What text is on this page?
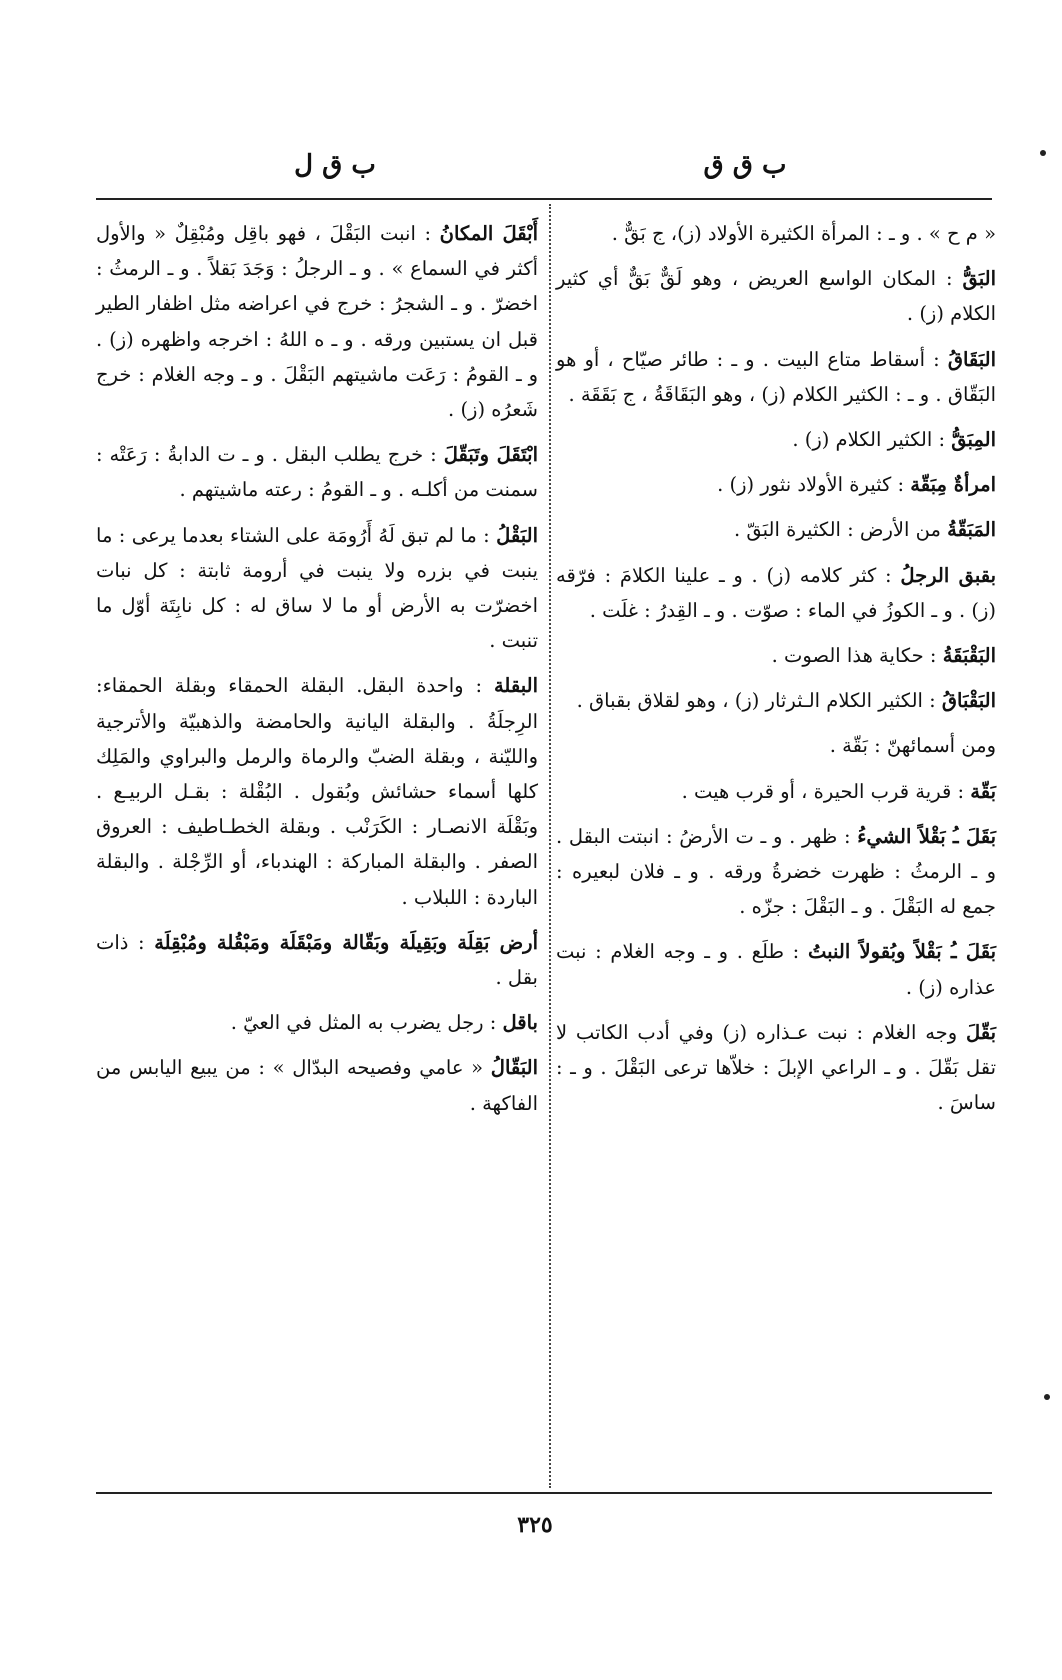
ب ق ق
ب ق ل

« م ح » . و ـ : المرأة الكثيرة الأولاد (ز)، ج بَقٌّ .

البَقُّ : المكان الواسع العريض ، وهو لَقٌّ بَقٌّ أي كثير الكلام (ز) .

البَقَاقُ : أسقاط متاع البيت . و ـ : طائر صيّاح ، أو هو البَقّاق . و ـ : الكثير الكلام (ز) ، وهو البَقَاقَةُ ، ج بَقَقَة .

المِبَقُّ : الكثير الكلام (ز) .

امرأةٌ مِبَقّة : كثيرة الأولاد نثور (ز) .

المَبَقّةُ من الأرض : الكثيرة البَقّ .

بقبق الرجلُ : كثر كلامه (ز) . و ـ علينا الكلامَ : فرّقه (ز) . و ـ الكوزُ في الماء : صوّت . و ـ القِدرُ : غلَت .

البَقْبَقَةُ : حكاية هذا الصوت .

البَقْبَاقُ : الكثير الكلام الـثرثار (ز) ، وهو لقلاق بقباق .

ومن أسمائهنّ : بَقّة .

بَقّة : قرية قرب الحيرة ، أو قرب هيت .

بَقَلَ ـُ بَقْلاً الشيءُ : ظهر . و ـ ت الأرضُ : انبتت البقل . و ـ الرمثُ : ظهرت خضرةُ ورقه . و ـ فلان لبعيره : جمع له البَقْلَ . و ـ البَقْلَ : جزّه .

بَقَلَ ـُ بَقْلاً وبُقولاً النبتُ : طلَع . و ـ وجه الغلام : نبت عذاره (ز) .

بَقّلَ وجه الغلام : نبت عـذاره (ز) وفي أدب الكاتب لا تقل بَقّلَ . و ـ الراعي الإبلَ : خلاّها ترعى البَقْلَ . و ـ : ساسَ .

أَبْقَلَ المكانُ : انبت البَقْلَ ، فهو باقِل ومُبْقِلٌ « والأول أكثر في السماع » . و ـ الرجلُ : وَجَدَ بَقلاً . و ـ الرمثُ : اخضرّ . و ـ الشجرُ : خرج في اعراضه مثل اظفار الطير قبل ان يستبين ورقه . و ـ ه اللهُ : اخرجه واظهره (ز) . و ـ القومُ : رَعَت ماشيتهم البَقْلَ . و ـ وجه الغلام : خرج شَعرُه (ز) .

ابْتَقَلَ وتَبَقّلَ : خرج يطلب البقل . و ـ ت الدابةُ : رَعَتْه : سمنت من أكلـه . و ـ القومُ : رعته ماشيتهم .

البَقْلُ : ما لم تبق لَهُ أَرُومَة على الشتاء بعدما يرعى : ما ينبت في بزره ولا ينبت في أرومة ثابتة : كل نبات اخضرّت به الأرض أو ما لا ساق له : كل نابِتَة أوّل ما تنبت .

البقلة : واحدة البقل. البقلة الحمقاء وبقلة الحمقاء: الرِجلَةُ . والبقلة اليانية والحامضة والذهبيّة والأترجية والليّنة ، وبقلة الضبّ والرماة والرمل والبراوي والمَلِك كلها أسماء حشائش وبُقول . البُقْلة : بقـل الربيـع . وبَقْلَة الانصـار : الكَرَنْب . وبقلة الخطـاطيف : العروق الصفر . والبقلة المباركة : الهندباء، أو الرِّجْلة . والبقلة الباردة : اللبلاب .

أرض بَقِلَة وبَقِيلَة وبَقّالة ومَبْقَلَة ومَبْقُلة ومُبْقِلَة : ذات بقل .

باقل : رجل يضرب به المثل في العيّ .

البَقّالُ « عامي وفصيحه البدّال » : من يبيع اليابس من الفاكهة .

٣٢٥
